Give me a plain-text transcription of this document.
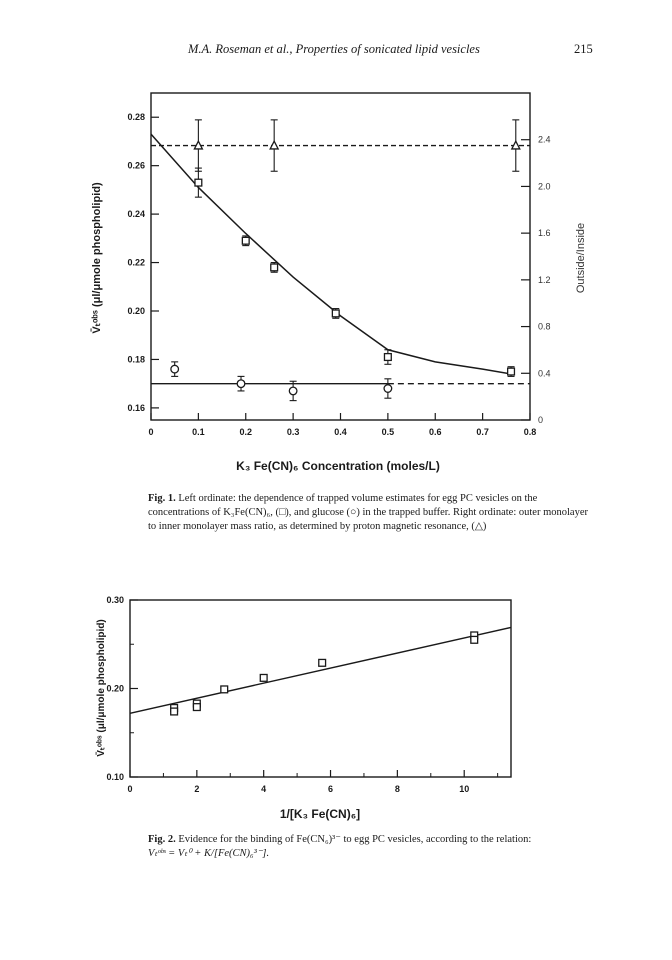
M.A. Roseman et al., Properties of sonicated lipid vesicles	215
0	0.1	0.2	0.3	0.4	0.5	0.6	0.7	0.8
0.16
0.18
0.20
0.22
0.24
0.26
0.28
0
0.4
0.8
1.2
1.6
2.0
2.4
K₃ Fe(CN)₆ Concentration (moles/L)
V̄ₜᵒᵇˢ (μl/μmole phospholipid)	Outside/Inside
0	2	4	6	8	10
0.10
0.20
0.30
1/[K₃ Fe(CN)₆]
V̄ₜᵒᵇˢ (μl/μmole phospholipid)
Fig. 1. Left ordinate: the dependence of trapped volume estimates for egg PC vesicles on the concentrations of K₃Fe(CN)₆, (□), and glucose (○) in the trapped buffer. Right ordinate: outer monolayer to inner monolayer mass ratio, as determined by proton magnetic resonance, (△)
Fig. 2. Evidence for the binding of Fe(CN₆)³⁻ to egg PC vesicles, according to the relation:
Vₜᵒᵇˢ = Vₜ⁰ + K/[Fe(CN)₆³⁻].
